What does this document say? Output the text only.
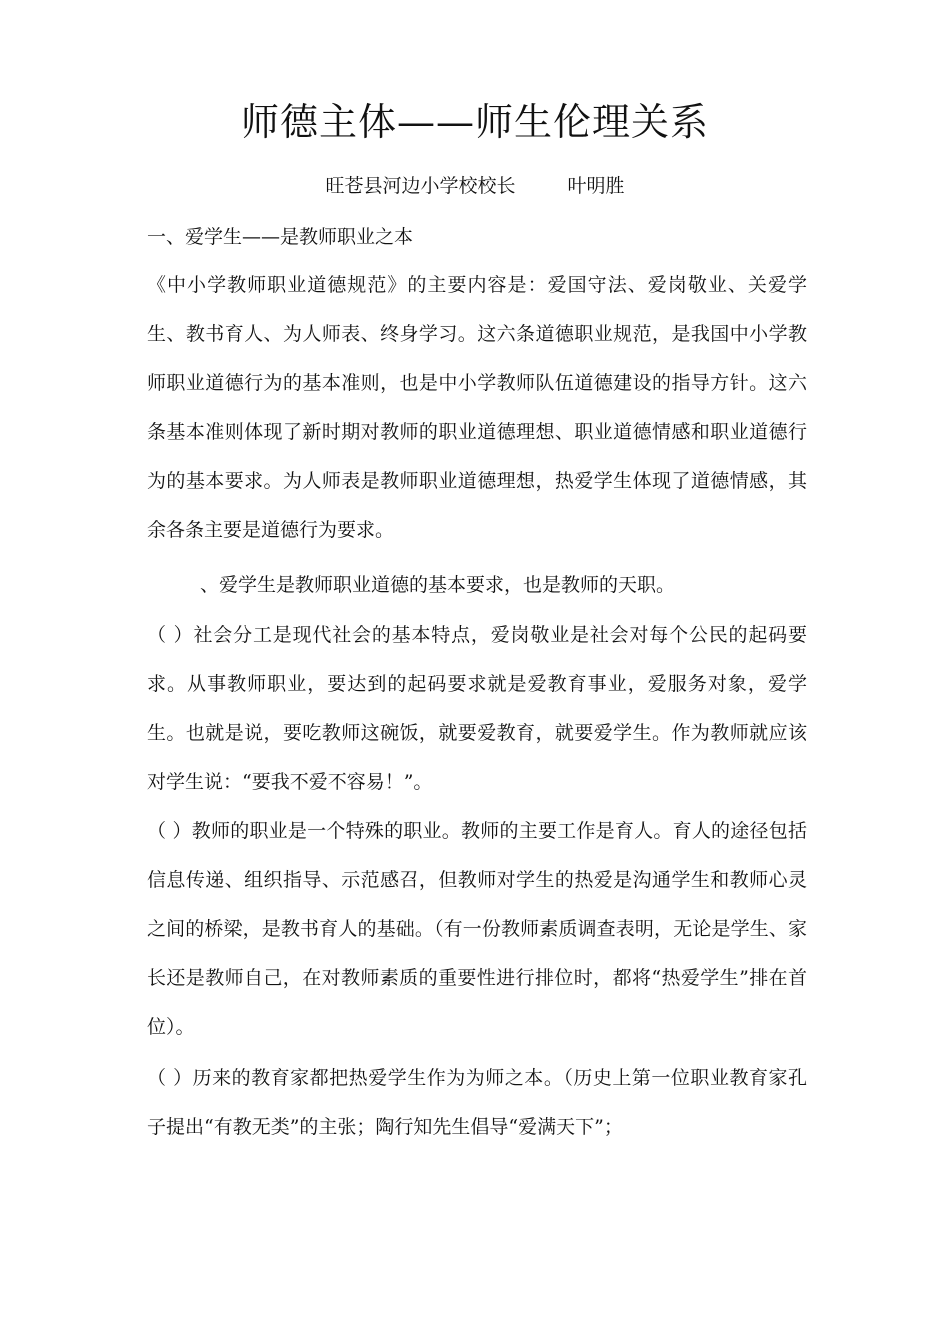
师德主体——师生伦理关系
旺苍县河边小学校校长	叶明胜
一、爱学生——是教师职业之本
《中小学教师职业道德规范》的主要内容是：爱国守法、爱岗敬业、关爱学生、教书育人、为人师表、终身学习。这六条道德职业规范，是我国中小学教师职业道德行为的基本准则，也是中小学教师队伍道德建设的指导方针。这六条基本准则体现了新时期对教师的职业道德理想、职业道德情感和职业道德行为的基本要求。为人师表是教师职业道德理想，热爱学生体现了道德情感，其余各条主要是道德行为要求。
、爱学生是教师职业道德的基本要求，也是教师的天职。
（ ）社会分工是现代社会的基本特点，爱岗敬业是社会对每个公民的起码要求。从事教师职业，要达到的起码要求就是爱教育事业，爱服务对象，爱学生。也就是说，要吃教师这碗饭，就要爱教育，就要爱学生。作为教师就应该对学生说：“要我不爱不容易！”。
（ ）教师的职业是一个特殊的职业。教师的主要工作是育人。育人的途径包括信息传递、组织指导、示范感召，但教师对学生的热爱是沟通学生和教师心灵之间的桥梁，是教书育人的基础。（有一份教师素质调查表明，无论是学生、家长还是教师自己，在对教师素质的重要性进行排位时，都将“热爱学生”排在首位）。
（ ）历来的教育家都把热爱学生作为为师之本。（历史上第一位职业教育家孔子提出“有教无类”的主张；陶行知先生倡导“爱满天下”；
